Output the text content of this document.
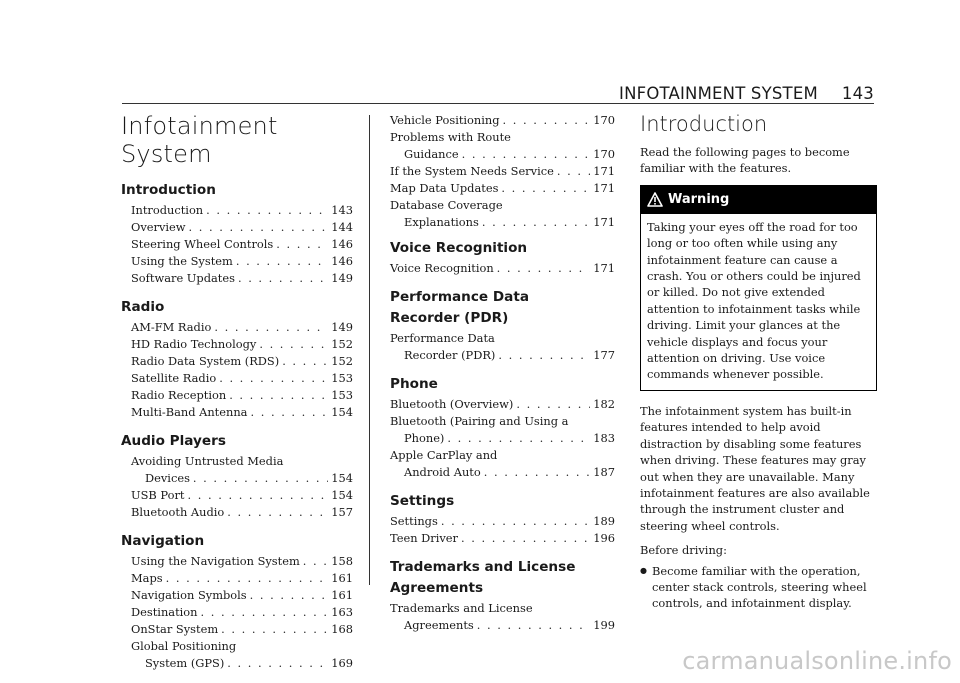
INFOTAINMENT SYSTEM 143
Infotainment System
Introduction
Introduction . . .	143
Overview . . .	144
Steering Wheel Controls . . .	146
Using the System . . .	146
Software Updates . . .	149
Radio
AM-FM Radio . . .	149
HD Radio Technology . . .	152
Radio Data System (RDS) . . .	152
Satellite Radio . . .	153
Radio Reception . . .	153
Multi-Band Antenna . . .	154
Audio Players
Avoiding Untrusted Media
Devices . . .	154
USB Port . . .	154
Bluetooth Audio . . .	157
Navigation
Using the Navigation System . . .	158
Maps . . .	161
Navigation Symbols . . .	161
Destination . . .	163
OnStar System . . .	168
Global Positioning
System (GPS) . . .	169
Vehicle Positioning . . .	170
Problems with Route
Guidance . . .	170
If the System Needs Service . . .	171
Map Data Updates . . .	171
Database Coverage
Explanations . . .	171
Voice Recognition
Voice Recognition . . .	171
Performance Data
Recorder (PDR)
Performance Data
Recorder (PDR) . . .	177
Phone
Bluetooth (Overview) . . .	182
Bluetooth (Pairing and Using a
Phone) . . .	183
Apple CarPlay and
Android Auto . . .	187
Settings
Settings . . .	189
Teen Driver . . .	196
Trademarks and License
Agreements
Trademarks and License
Agreements . . .	199
Introduction

Read the following pages to become familiar with the features.

Warning
Taking your eyes off the road for too long or too often while using any infotainment feature can cause a crash. You or others could be injured or killed. Do not give extended attention to infotainment tasks while driving. Limit your glances at the vehicle displays and focus your attention on driving. Use voice commands whenever possible.

The infotainment system has built-in features intended to help avoid distraction by disabling some features when driving. These features may gray out when they are unavailable. Many infotainment features are also available through the instrument cluster and steering wheel controls.

Before driving:

● Become familiar with the operation, center stack controls, steering wheel controls, and infotainment display.
carmanualsonline.info
